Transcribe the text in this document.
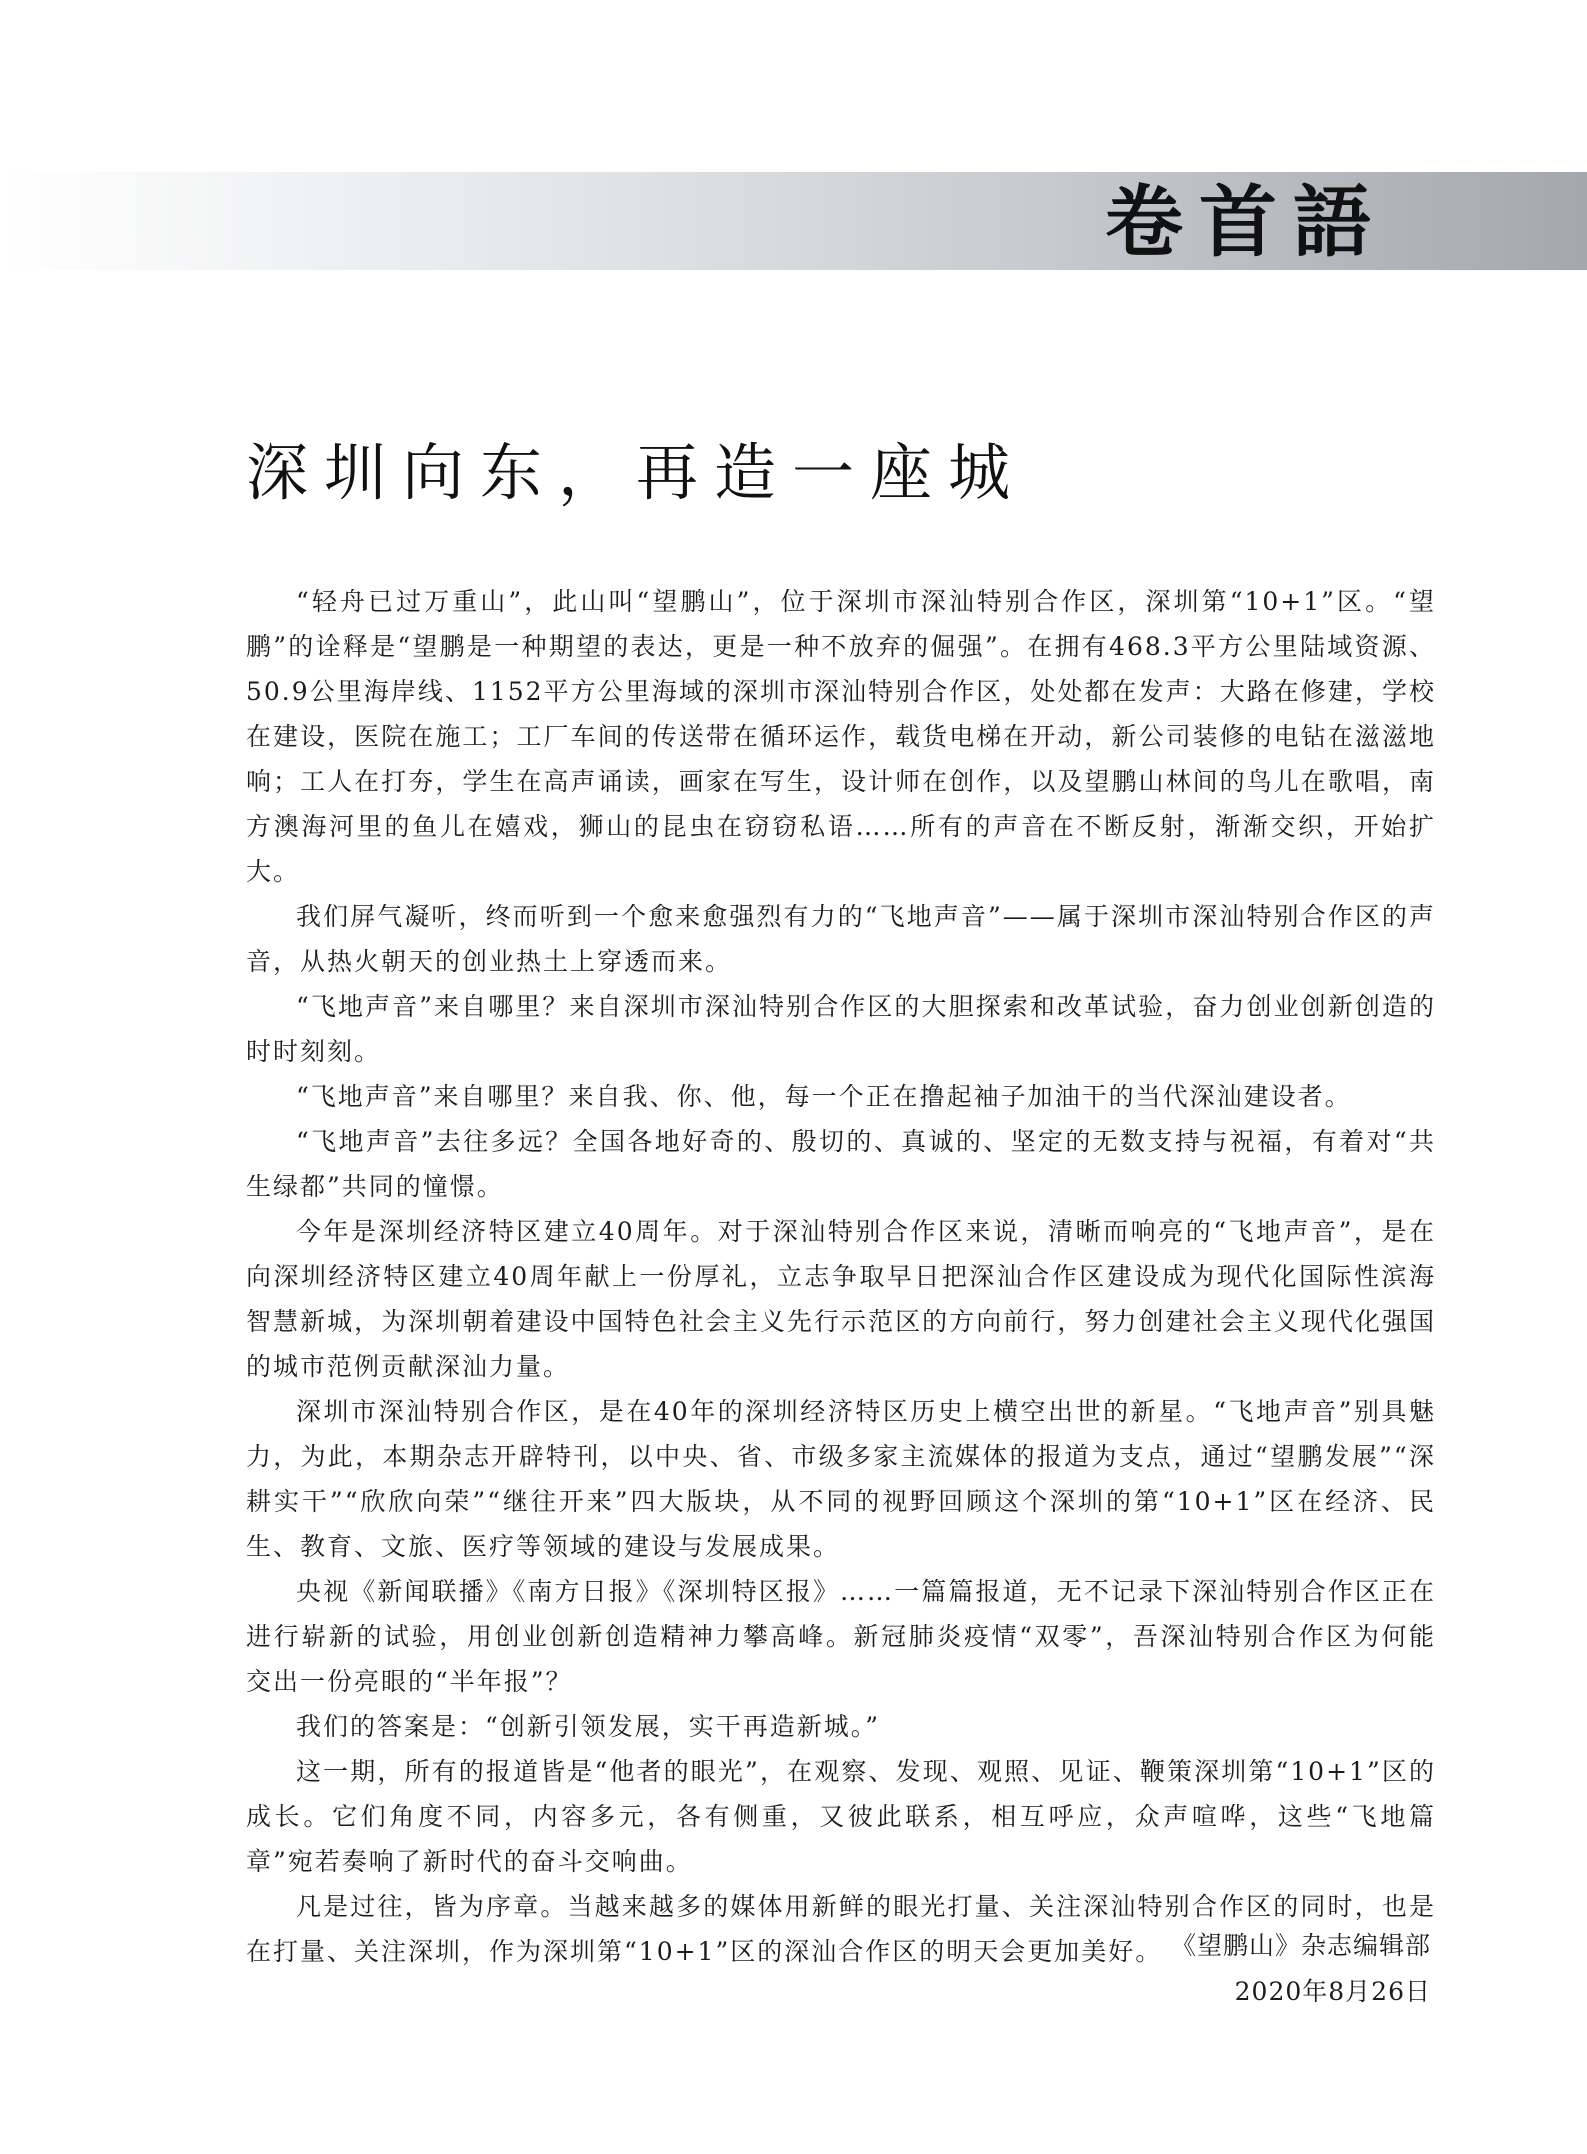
卷首語
深圳向东，再造一座城

“轻舟已过万重山”，此山叫“望鹏山”，位于深圳市深汕特别合作区，深圳第“10+1”区。“望鹏”的诠释是“望鹏是一种期望的表达，更是一种不放弃的倔强”。在拥有468.3平方公里陆域资源、50.9公里海岸线、1152平方公里海域的深圳市深汕特别合作区，处处都在发声：大路在修建，学校在建设，医院在施工；工厂车间的传送带在循环运作，载货电梯在开动，新公司装修的电钻在滋滋地响；工人在打夯，学生在高声诵读，画家在写生，设计师在创作，以及望鹏山林间的鸟儿在歌唱，南方澳海河里的鱼儿在嬉戏，狮山的昆虫在窃窃私语……所有的声音在不断反射，渐渐交织，开始扩大。

我们屏气凝听，终而听到一个愈来愈强烈有力的“飞地声音”——属于深圳市深汕特别合作区的声音，从热火朝天的创业热土上穿透而来。

“飞地声音”来自哪里？来自深圳市深汕特别合作区的大胆探索和改革试验，奋力创业创新创造的时时刻刻。

“飞地声音”来自哪里？来自我、你、他，每一个正在撸起袖子加油干的当代深汕建设者。

“飞地声音”去往多远？全国各地好奇的、殷切的、真诚的、坚定的无数支持与祝福，有着对“共生绿都”共同的憧憬。

今年是深圳经济特区建立40周年。对于深汕特别合作区来说，清晰而响亮的“飞地声音”，是在向深圳经济特区建立40周年献上一份厚礼，立志争取早日把深汕合作区建设成为现代化国际性滨海智慧新城，为深圳朝着建设中国特色社会主义先行示范区的方向前行，努力创建社会主义现代化强国的城市范例贡献深汕力量。

深圳市深汕特别合作区，是在40年的深圳经济特区历史上横空出世的新星。“飞地声音”别具魅力，为此，本期杂志开辟特刊，以中央、省、市级多家主流媒体的报道为支点，通过“望鹏发展”“深耕实干”“欣欣向荣”“继往开来”四大版块，从不同的视野回顾这个深圳的第“10+1”区在经济、民生、教育、文旅、医疗等领域的建设与发展成果。

央视《新闻联播》《南方日报》《深圳特区报》……一篇篇报道，无不记录下深汕特别合作区正在进行崭新的试验，用创业创新创造精神力攀高峰。新冠肺炎疫情“双零”，吾深汕特别合作区为何能交出一份亮眼的“半年报”？

我们的答案是：“创新引领发展，实干再造新城。”

这一期，所有的报道皆是“他者的眼光”，在观察、发现、观照、见证、鞭策深圳第“10+1”区的成长。它们角度不同，内容多元，各有侧重，又彼此联系，相互呼应，众声喧哗，这些“飞地篇章”宛若奏响了新时代的奋斗交响曲。

凡是过往，皆为序章。当越来越多的媒体用新鲜的眼光打量、关注深汕特别合作区的同时，也是在打量、关注深圳，作为深圳第“10+1”区的深汕合作区的明天会更加美好。 《望鹏山》杂志编辑部
2020年8月26日
